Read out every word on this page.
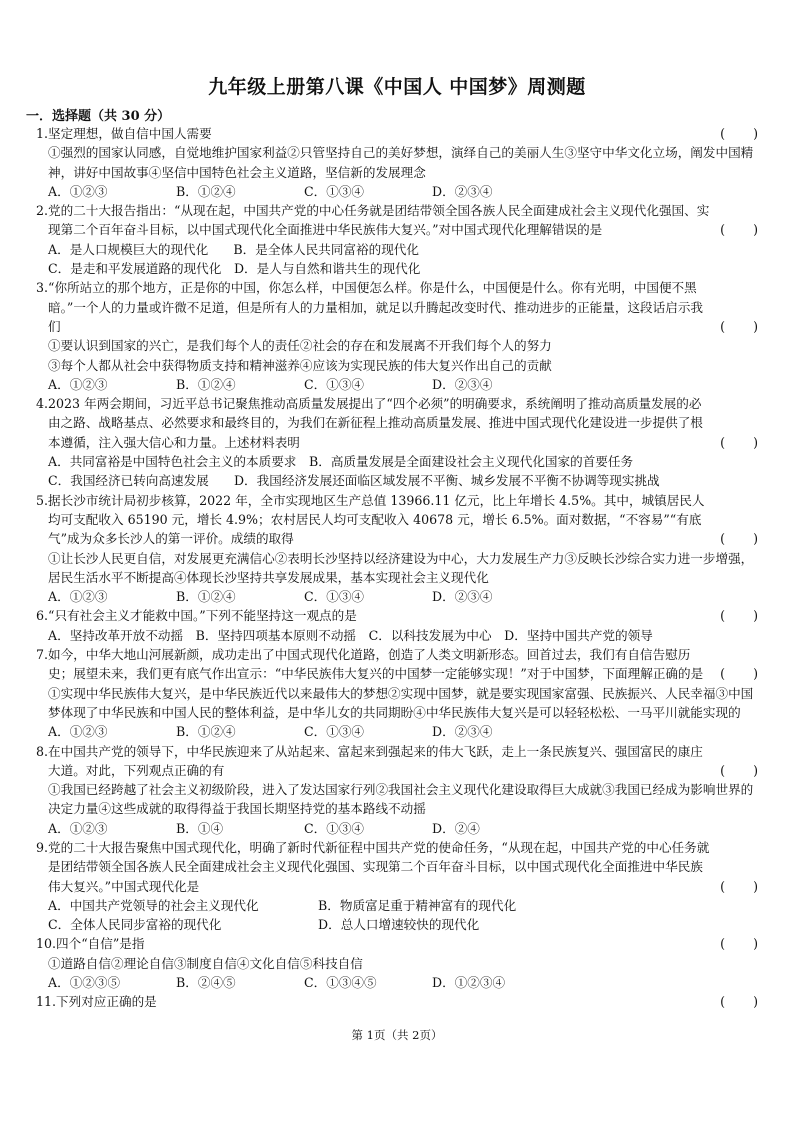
九年级上册第八课《中国人 中国梦》周测题
一．选择题（共 30 分）
1.坚定理想，做自信中国人需要	(       )
①强烈的国家认同感，自觉地维护国家利益②只管坚持自己的美好梦想，演绎自己的美丽人生③坚守中华文化立场，阐发中国精神，讲好中国故事④坚信中国特色社会主义道路，坚信新的发展理念
A．①②③	B．①②④	C．①③④	D．②③④
2.党的二十大报告指出：“从现在起，中国共产党的中心任务就是团结带领全国各族人民全面建成社会主义现代化强国、实现第二个百年奋斗目标，以中国式现代化全面推进中华民族伟大复兴。”对中国式现代化理解错误的是	(       )
A．是人口规模巨大的现代化　　B．是全体人民共同富裕的现代化
C．是走和平发展道路的现代化　D．是人与自然和谐共生的现代化
3.“你所站立的那个地方，正是你的中国，你怎么样，中国便怎么样。你是什么，中国便是什么。你有光明，中国便不黑暗。”一个人的力量或许微不足道，但是所有人的力量相加，就足以升腾起改变时代、推动进步的正能量，这段话启示我们	(       )
①要认识到国家的兴亡，是我们每个人的责任②社会的存在和发展离不开我们每个人的努力
③每个人都从社会中获得物质支持和精神滋养④应该为实现民族的伟大复兴作出自己的贡献
A．①②③	B．①②④	C．①③④	D．②③④
4.2023 年两会期间，习近平总书记聚焦推动高质量发展提出了“四个必须”的明确要求，系统阐明了推动高质量发展的必由之路、战略基点、必然要求和最终目的，为我们在新征程上推动高质量发展、推进中国式现代化建设进一步提供了根本遵循，注入强大信心和力量。上述材料表明	(       )
A．共同富裕是中国特色社会主义的本质要求　B．高质量发展是全面建设社会主义现代化国家的首要任务
C．我国经济已转向高速发展　　D．我国经济发展还面临区域发展不平衡、城乡发展不平衡不协调等现实挑战
5.据长沙市统计局初步核算，2022 年，全市实现地区生产总值 13966.11 亿元，比上年增长 4.5%。其中，城镇居民人均可支配收入 65190 元，增长 4.9%；农村居民人均可支配收入 40678 元，增长 6.5%。面对数据，“不容易”“有底气”成为众多长沙人的第一评价。成绩的取得	(       )
①让长沙人民更自信，对发展更充满信心②表明长沙坚持以经济建设为中心，大力发展生产力③反映长沙综合实力进一步增强，居民生活水平不断提高④体现长沙坚持共享发展成果，基本实现社会主义现代化
A．①②③	B．①②④	C．①③④	D．②③④
6.“只有社会主义才能救中国。”下列不能坚持这一观点的是	(       )
A．坚持改革开放不动摇　B．坚持四项基本原则不动摇　C．以科技发展为中心　D．坚持中国共产党的领导
7.如今，中华大地山河展新颜，成功走出了中国式现代化道路，创造了人类文明新形态。回首过去，我们有自信告慰历史；展望未来，我们更有底气作出宣示：“中华民族伟大复兴的中国梦一定能够实现！”对于中国梦，下面理解正确的是	(       )
①实现中华民族伟大复兴，是中华民族近代以来最伟大的梦想②实现中国梦，就是要实现国家富强、民族振兴、人民幸福③中国梦体现了中华民族和中国人民的整体利益，是中华儿女的共同期盼④中华民族伟大复兴是可以轻轻松松、一马平川就能实现的
A．①②③	B．①②④	C．①③④	D．②③④
8.在中国共产党的领导下，中华民族迎来了从站起来、富起来到强起来的伟大飞跃，走上一条民族复兴、强国富民的康庄大道。对此，下列观点正确的有	(       )
①我国已经跨越了社会主义初级阶段，进入了发达国家行列②我国社会主义现代化建设取得巨大成就③我国已经成为影响世界的决定力量④这些成就的取得得益于我国长期坚持党的基本路线不动摇
A．①②③	B．①④	C．①③④	D．②④
9.党的二十大报告聚焦中国式现代化，明确了新时代新征程中国共产党的使命任务，“从现在起，中国共产党的中心任务就是团结带领全国各族人民全面建成社会主义现代化强国、实现第二个百年奋斗目标，以中国式现代化全面推进中华民族伟大复兴。”中国式现代化是	(       )
A．中国共产党领导的社会主义现代化	B．物质富足重于精神富有的现代化
C．全体人民同步富裕的现代化	D．总人口增速较快的现代化
10.四个“自信”是指	(       )
①道路自信②理论自信③制度自信④文化自信⑤科技自信
A．①②③⑤	B．②④⑤	C．①③④⑤	D．①②③④
11.下列对应正确的是	(       )
第 1页（共 2页）
